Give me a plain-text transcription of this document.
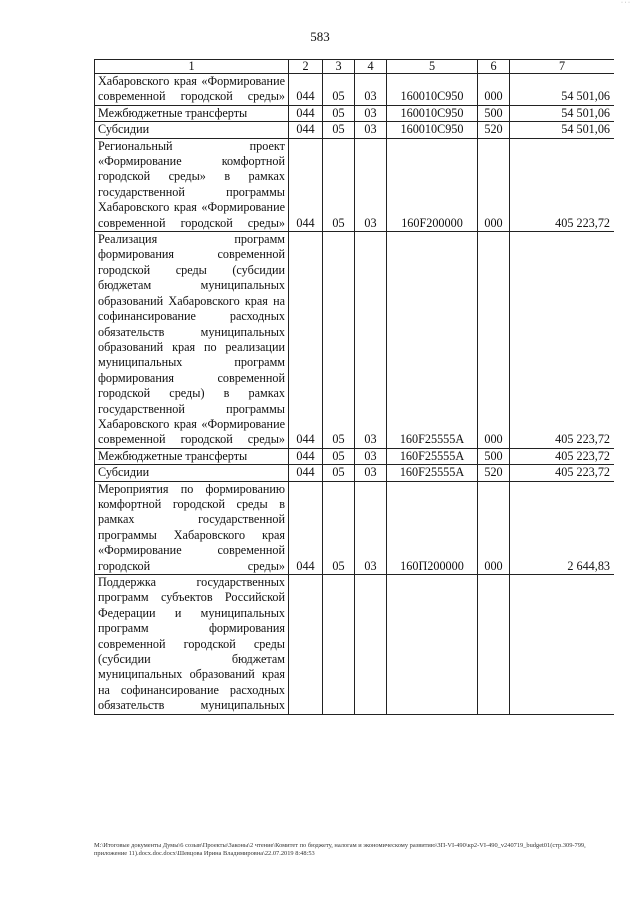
· · ·
583
1	2	3	4	5	6	7
Хабаровского края «Формирование современной городской среды»	044	05	03	160010C950	000	54 501,06
Межбюджетные трансферты	044	05	03	160010C950	500	54 501,06
Субсидии	044	05	03	160010C950	520	54 501,06
Региональный проект «Формирование комфортной городской среды» в рамках государственной программы Хабаровского края «Формирование современной городской среды»	044	05	03	160F200000	000	405 223,72
Реализация программ формирования современной городской среды (субсидии бюджетам муниципальных образований Хабаровского края на софинансирование расходных обязательств муниципальных образований края по реализации муниципальных программ формирования современной городской среды) в рамках государственной программы Хабаровского края «Формирование современной городской среды»	044	05	03	160F25555A	000	405 223,72
Межбюджетные трансферты	044	05	03	160F25555A	500	405 223,72
Субсидии	044	05	03	160F25555A	520	405 223,72
Мероприятия по формированию комфортной городской среды в рамках государственной программы Хабаровского края «Формирование современной городской среды»	044	05	03	160П200000	000	2 644,83
Поддержка государственных программ субъектов Российской Федерации и муниципальных программ формирования современной городской среды (субсидии бюджетам муниципальных образований края на софинансирование расходных обязательств муниципальных						
M:\Итоговые документы Думы\6 созыв\Проекты\Законы\2 чтение\Комитет по бюджету, налогам и экономическому развитию\ЗП-VI-490\кр2-VI-490_v240719_budget01(стр.309-799, приложение 11).docx.doc.docx\Шевцова Ирина Владимировна\22.07.2019 8:48:53
